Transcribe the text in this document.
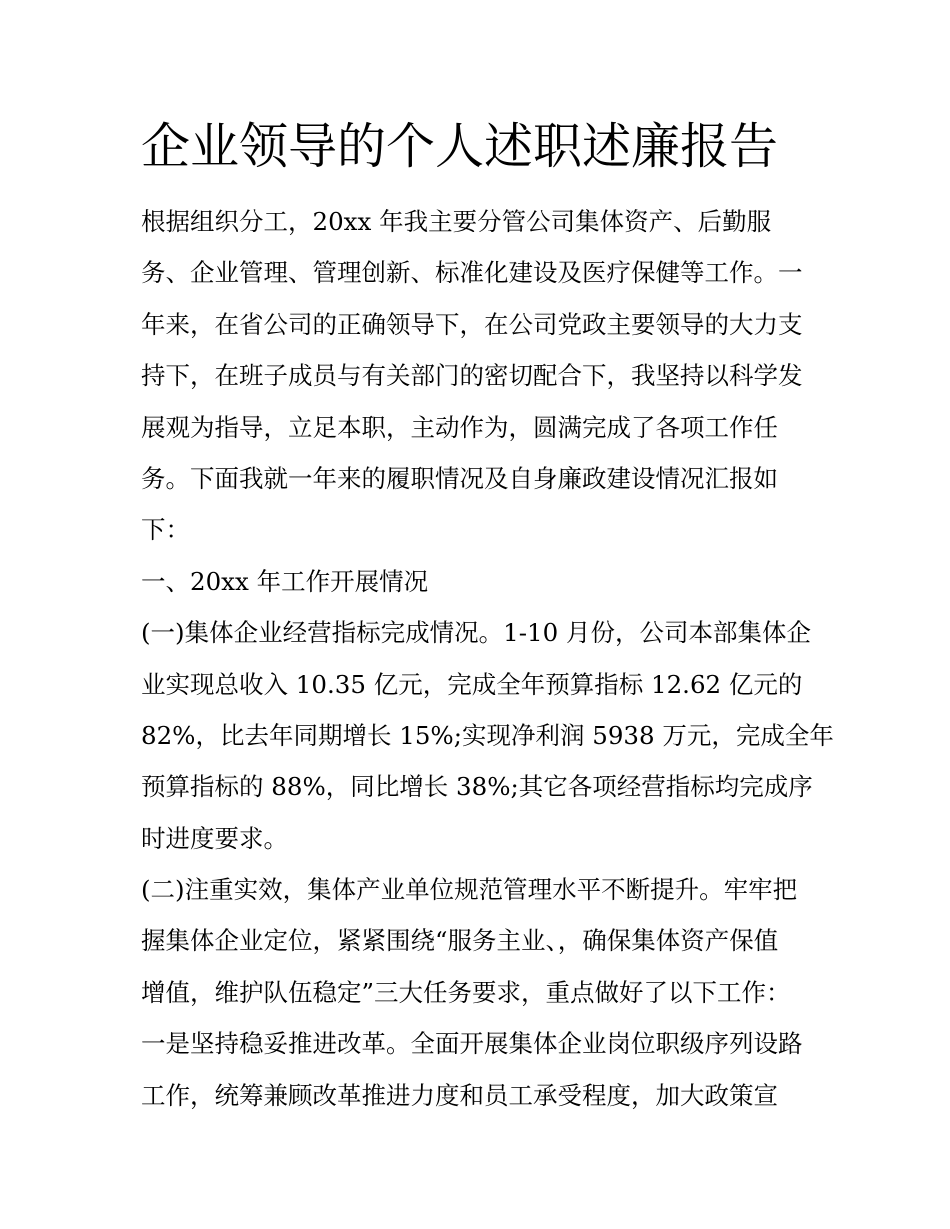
企业领导的个人述职述廉报告
根据组织分工，20xx 年我主要分管公司集体资产、后勤服
务、企业管理、管理创新、标准化建设及医疗保健等工作。一
年来，在省公司的正确领导下，在公司党政主要领导的大力支
持下，在班子成员与有关部门的密切配合下，我坚持以科学发
展观为指导，立足本职，主动作为，圆满完成了各项工作任
务。下面我就一年来的履职情况及自身廉政建设情况汇报如
下：
一、20xx 年工作开展情况
(一)集体企业经营指标完成情况。1-10 月份，公司本部集体企
业实现总收入 10.35 亿元，完成全年预算指标 12.62 亿元的
82%，比去年同期增长 15%;实现净利润 5938 万元，完成全年
预算指标的 88%，同比增长 38%;其它各项经营指标均完成序
时进度要求。
(二)注重实效，集体产业单位规范管理水平不断提升。牢牢把
握集体企业定位，紧紧围绕“服务主业、，确保集体资产保值
增值，维护队伍稳定”三大任务要求，重点做好了以下工作：
一是坚持稳妥推进改革。全面开展集体企业岗位职级序列设路
工作，统筹兼顾改革推进力度和员工承受程度，加大政策宣
